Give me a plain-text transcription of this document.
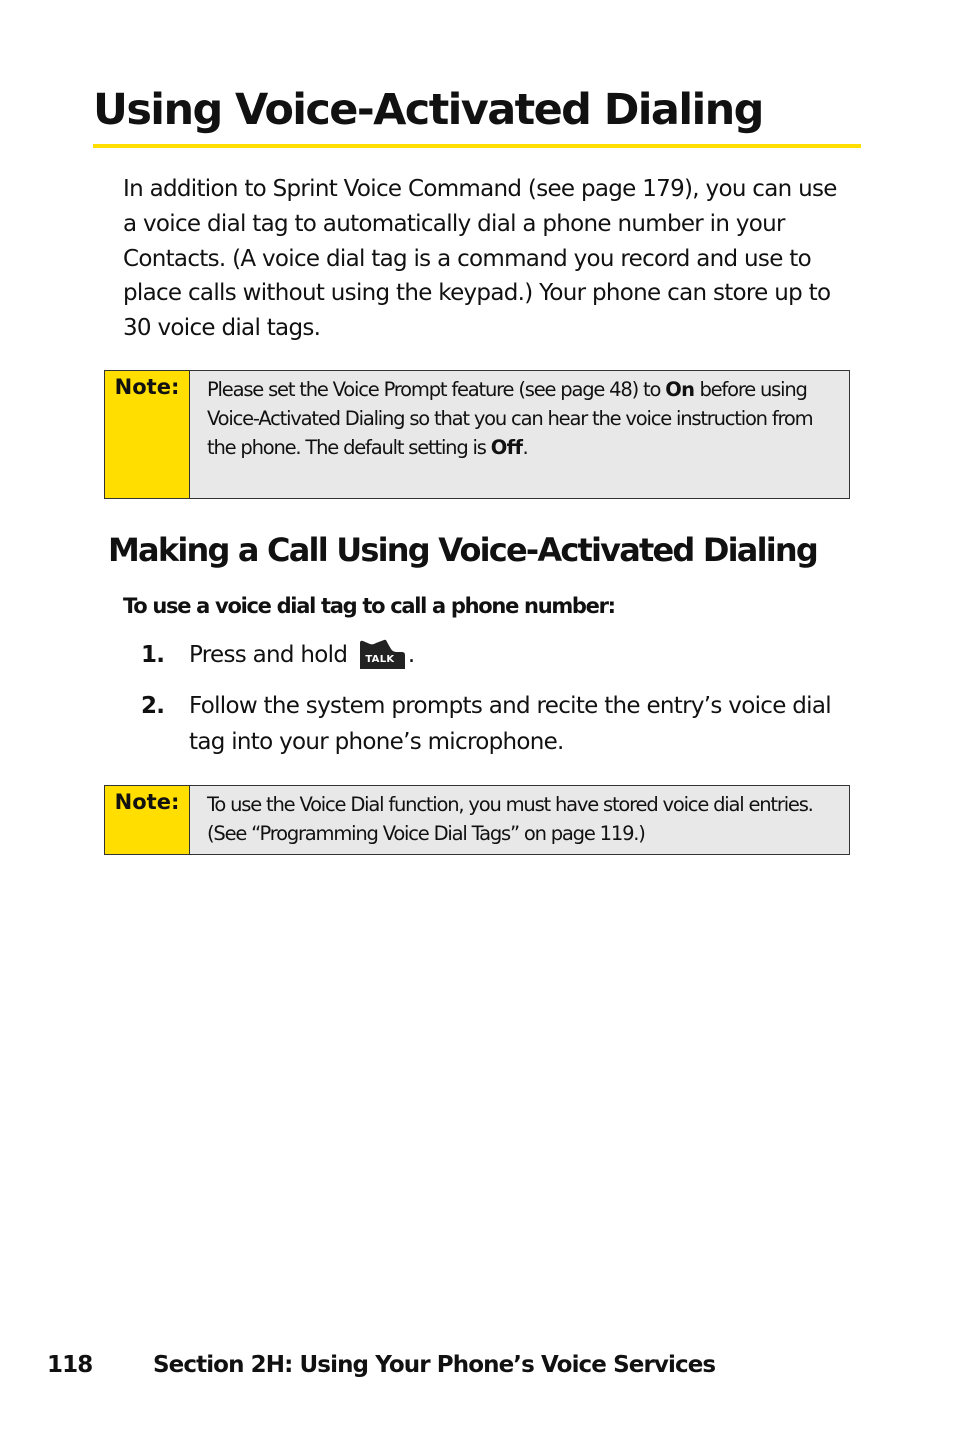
Using Voice-Activated Dialing

In addition to Sprint Voice Command (see page 179), you can use a voice dial tag to automatically dial a phone number in your Contacts. (A voice dial tag is a command you record and use to place calls without using the keypad.) Your phone can store up to 30 voice dial tags.

Note:	Please set the Voice Prompt feature (see page 48) to On before using Voice-Activated Dialing so that you can hear the voice instruction from the phone. The default setting is Off.
Making a Call Using Voice-Activated Dialing
To use a voice dial tag to call a phone number:
1.	Press and hold	TALK .
2.	Follow the system prompts and recite the entry’s voice dial tag into your phone’s microphone.
Note:	To use the Voice Dial function, you must have stored voice dial entries. (See “Programming Voice Dial Tags” on page 119.)
118	Section 2H: Using Your Phone’s Voice Services
